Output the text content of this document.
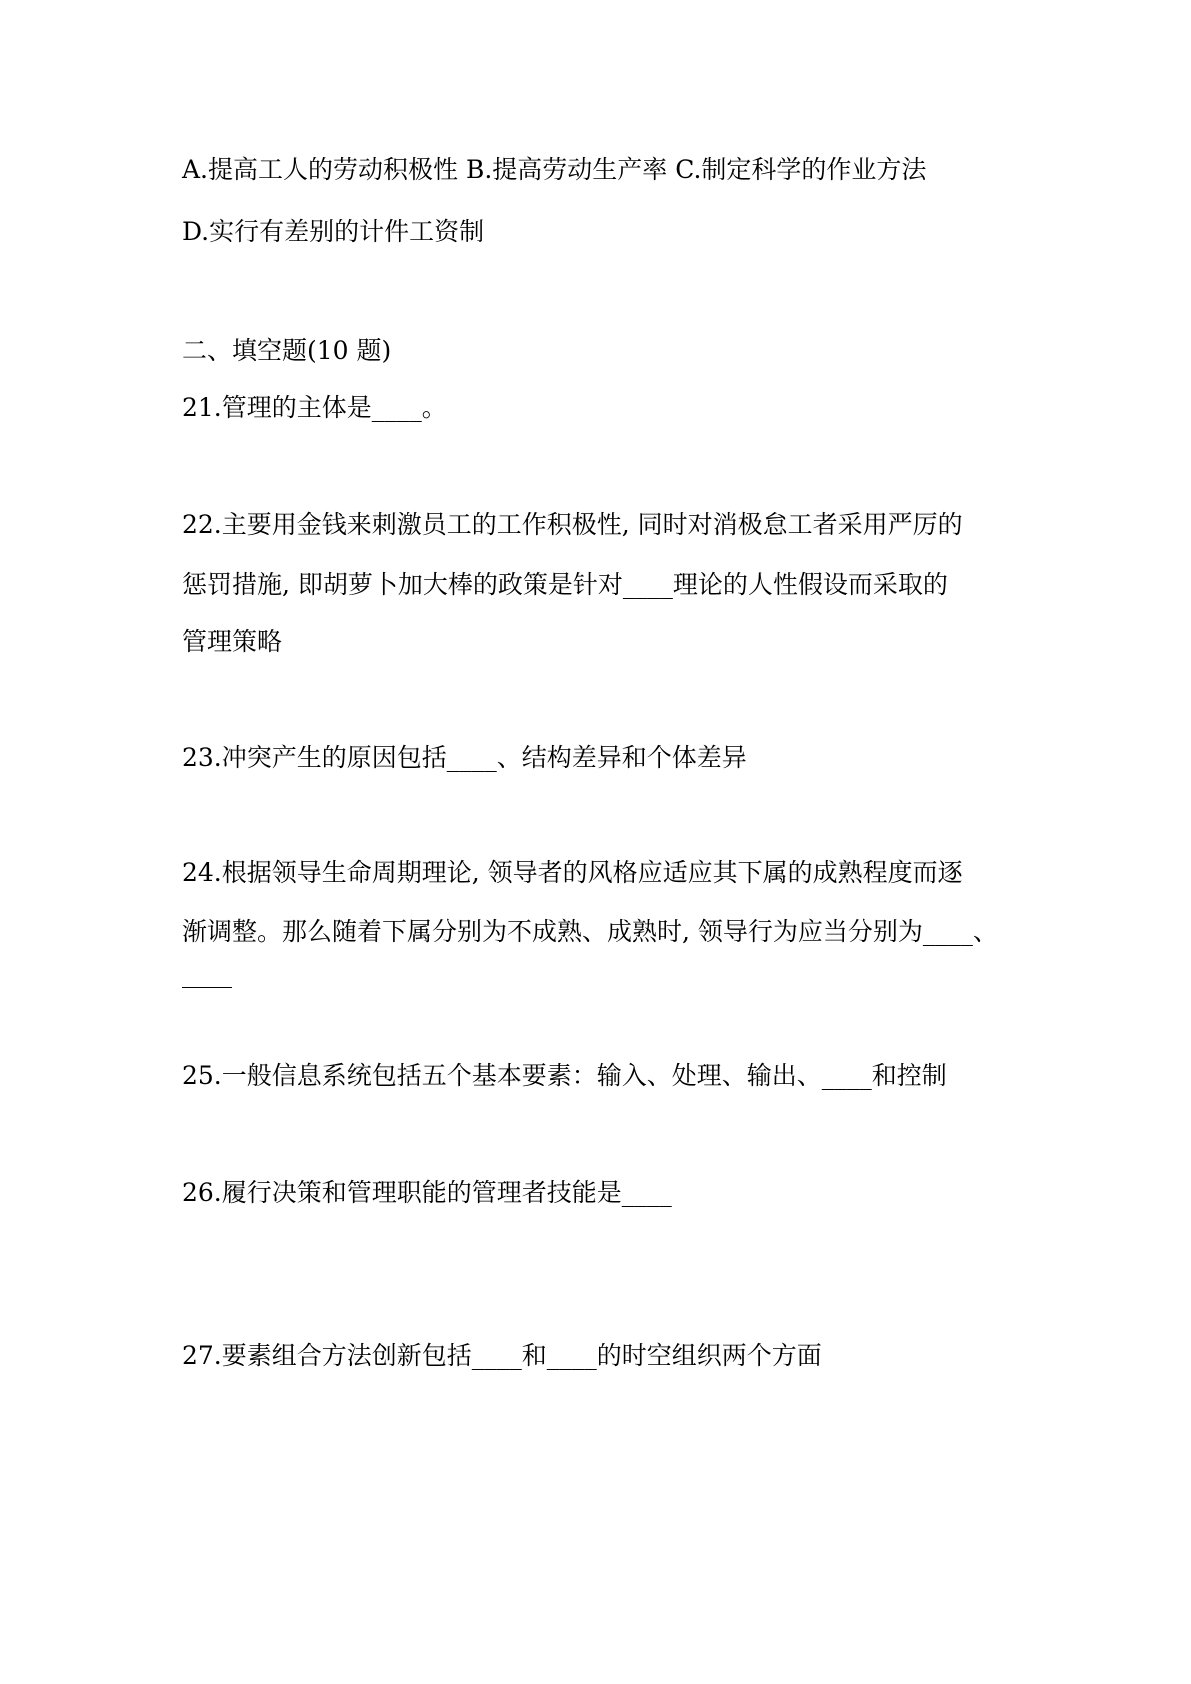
A.提高工人的劳动积极性 B.提高劳动生产率 C.制定科学的作业方法
D.实行有差别的计件工资制
二、填空题(10 题)
21.管理的主体是____。
22.主要用金钱来刺激员工的工作积极性, 同时对消极怠工者采用严厉的
惩罚措施, 即胡萝卜加大棒的政策是针对____理论的人性假设而采取的
管理策略
23.冲突产生的原因包括____、结构差异和个体差异
24.根据领导生命周期理论, 领导者的风格应适应其下属的成熟程度而逐
渐调整。那么随着下属分别为不成熟、成熟时, 领导行为应当分别为____、
____
25.一般信息系统包括五个基本要素：输入、处理、输出、____和控制
26.履行决策和管理职能的管理者技能是____
27.要素组合方法创新包括____和____的时空组织两个方面
